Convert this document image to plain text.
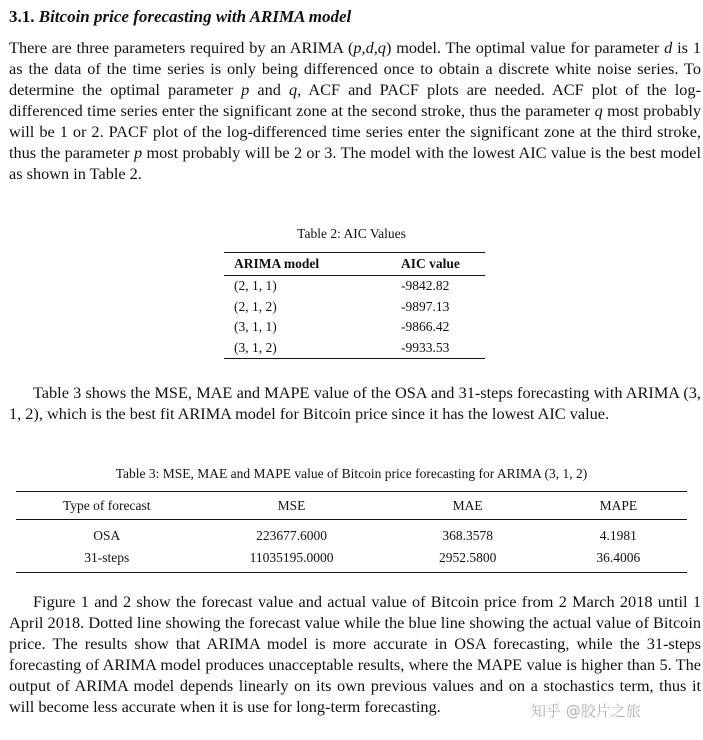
3.1. Bitcoin price forecasting with ARIMA model

There are three parameters required by an ARIMA (p,d,q) model. The optimal value for parameter d is 1 as the data of the time series is only being differenced once to obtain a discrete white noise series. To determine the optimal parameter p and q, ACF and PACF plots are needed. ACF plot of the log-differenced time series enter the significant zone at the second stroke, thus the parameter q most probably will be 1 or 2. PACF plot of the log-differenced time series enter the significant zone at the third stroke, thus the parameter p most probably will be 2 or 3. The model with the lowest AIC value is the best model as shown in Table 2.

Table 2: AIC Values
ARIMA model	AIC value
(2, 1, 1)	-9842.82
(2, 1, 2)	-9897.13
(3, 1, 1)	-9866.42
(3, 1, 2)	-9933.53

Table 3 shows the MSE, MAE and MAPE value of the OSA and 31-steps forecasting with ARIMA (3, 1, 2), which is the best fit ARIMA model for Bitcoin price since it has the lowest AIC value.

Table 3: MSE, MAE and MAPE value of Bitcoin price forecasting for ARIMA (3, 1, 2)
Type of forecast	MSE	MAE	MAPE
OSA	223677.6000	368.3578	4.1981
31-steps	11035195.0000	2952.5800	36.4006

Figure 1 and 2 show the forecast value and actual value of Bitcoin price from 2 March 2018 until 1 April 2018. Dotted line showing the forecast value while the blue line showing the actual value of Bitcoin price. The results show that ARIMA model is more accurate in OSA forecasting, while the 31-steps forecasting of ARIMA model produces unacceptable results, where the MAPE value is higher than 5. The output of ARIMA model depends linearly on its own previous values and on a stochastics term, thus it will become less accurate when it is use for long-term forecasting.	知乎 @胶片之旅
